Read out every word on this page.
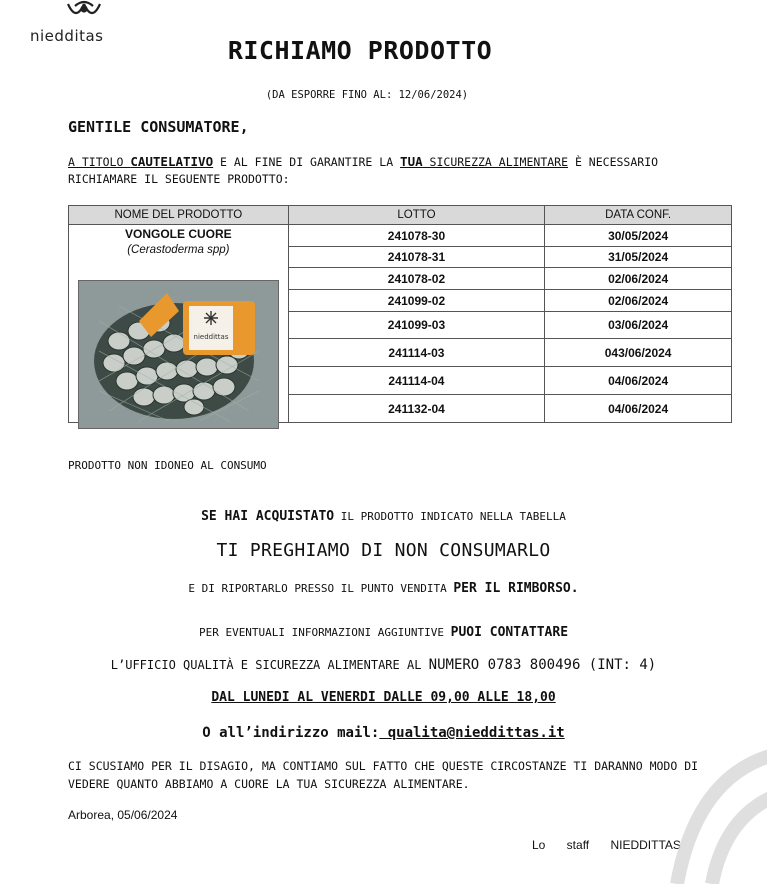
niedditas	RICHIAMO PRODOTTO
(DA ESPORRE FINO AL: 12/06/2024)
GENTILE CONSUMATORE,
A TITOLO CAUTELATIVO E AL FINE DI GARANTIRE LA TUA SICUREZZA ALIMENTARE È NECESSARIO RICHIAMARE IL SEGUENTE PRODOTTO:
NOME DEL PRODOTTO	LOTTO	DATA CONF.

VONGOLE CUORE
(Cerastoderma spp)	241078-30	30/05/2024
	241078-31	31/05/2024
	241078-02	02/06/2024
	241099-02	02/06/2024
	241099-03	03/06/2024
	241114-03	043/06/2024
	241114-04	04/06/2024
	241132-04	04/06/2024
nieddittas
PRODOTTO NON IDONEO AL CONSUMO
SE HAI ACQUISTATO IL PRODOTTO INDICATO NELLA TABELLA
TI PREGHIAMO DI NON CONSUMARLO
E DI RIPORTARLO PRESSO IL PUNTO VENDITA PER IL RIMBORSO.
PER EVENTUALI INFORMAZIONI AGGIUNTIVE PUOI CONTATTARE
L’UFFICIO QUALITÀ E SICUREZZA ALIMENTARE AL NUMERO 0783 800496 (INT: 4)
DAL LUNEDI AL VENERDI DALLE 09,00 ALLE 18,00
O all’indirizzo mail: qualita@nieddittas.it
CI SCUSIAMO PER IL DISAGIO, MA CONTIAMO SUL FATTO CHE QUESTE CIRCOSTANZE TI DARANNO MODO DI VEDERE QUANTO ABBIAMO A CUORE LA TUA SICUREZZA ALIMENTARE.
Arborea, 05/06/2024
Lo staff NIEDDITTAS
